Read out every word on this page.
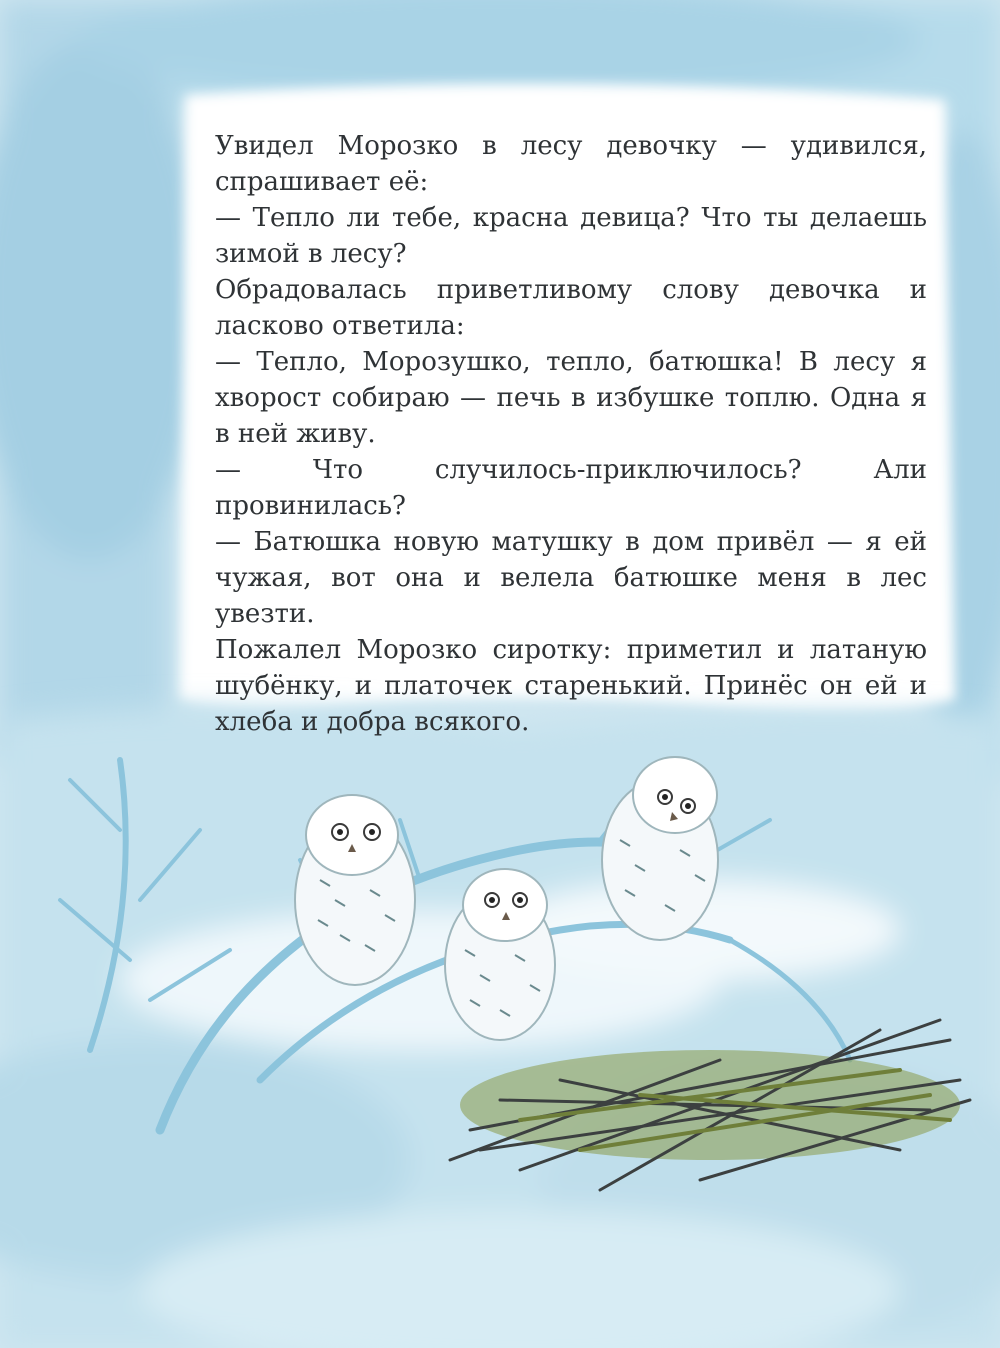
Увидел Морозко в лесу девочку — удивился, спрашивает её:

— Тепло ли тебе, красна девица? Что ты делаешь зимой в лесу?

Обрадовалась приветливому слову девочка и ласково ответила:

— Тепло, Морозушко, тепло, батюшка! В лесу я хворост собираю — печь в избушке топлю. Одна я в ней живу.

— Что случилось-приключилось? Али провинилась?

— Батюшка новую матушку в дом привёл — я ей чужая, вот она и велела батюшке меня в лес увезти.

Пожалел Морозко сиротку: приметил и латаную шубёнку, и платочек старенький. Принёс он ей и хлеба и добра всякого.
